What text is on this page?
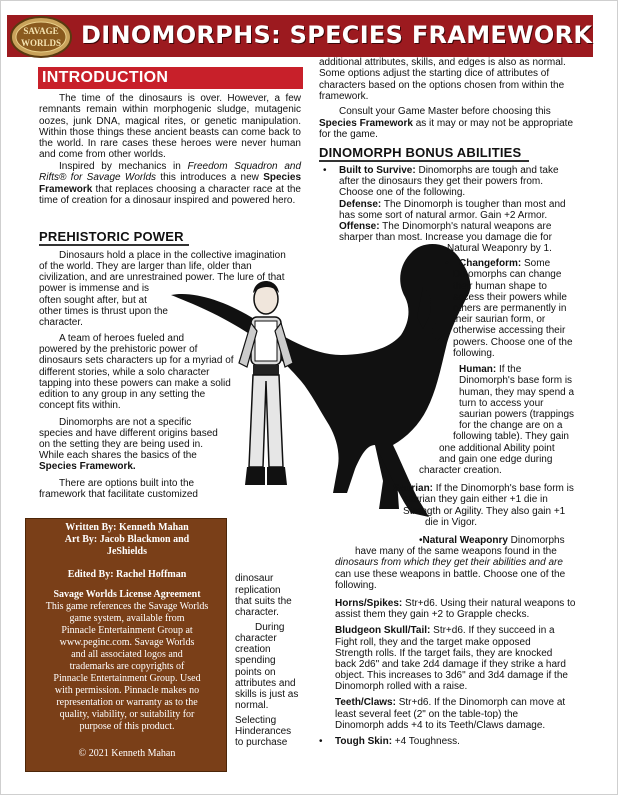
SAVAGE
WORLDS DINOMORPHS: SPECIES FRAMEWORK
INTRODUCTION

The time of the dinosaurs is over. However, a few remnants remain within morphogenic sludge, mutagenic oozes, junk DNA, magical rites, or genetic manipulation. Within those things these ancient beasts can come back to the world. In rare cases these heroes were never human and come from other worlds.

Inspired by mechanics in Freedom Squadron and Rifts® for Savage Worlds this introduces a new Species Framework that replaces choosing a character race at the time of creation for a dinosaur inspired and powered hero.

PREHISTORIC POWER
Dinosaurs hold a place in the collective imagination
of the world. They are larger than life, older than
civilization, and are unrestrained power. The lure of that
power is immense and is
often sought after, but at
other times is thrust upon the
character.
A team of heroes fueled and
powered by the prehistoric power of
dinosaurs sets characters up for a myriad of
different stories, while a solo character
tapping into these powers can make a solid
edition to any group in any setting the
concept fits within.
Dinomorphs are not a specific
species and have different origins based
on the setting they are being used in.
While each shares the basics of the
Species Framework.
There are options built into the
framework that facilitate customized
Written By: Kenneth Mahan
Art By: Jacob Blackmon and
JeShields
Edited By: Rachel Hoffman
Savage Worlds License Agreement
This game references the Savage Worlds
game system, available from
Pinnacle Entertainment Group at
www.peginc.com. Savage Worlds
and all associated logos and
trademarks are copyrights of
Pinnacle Entertainment Group. Used
with permission. Pinnacle makes no
representation or warranty as to the
quality, viability, or suitability for
purpose of this product.
© 2021 Kenneth Mahan
dinosaur
replication
that suits the
character.
During
character
creation
spending
points on
attributes and
skills is just as
normal.
Selecting
Hinderances
to purchase
additional attributes, skills, and edges is also as normal.
Some options adjust the starting dice of attributes of
characters based on the options chosen from within the
framework.
Consult your Game Master before choosing this
Species Framework as it may or may not be appropriate
for the game.
DINOMORPH BONUS ABILITIES
• Built to Survive: Dinomorphs are tough and take
after the dinosaurs they get their powers from.
Choose one of the following.
Defense: The Dinomorph is tougher than most and
has some sort of natural armor. Gain +2 Armor.
Offense: The Dinomorph's natural weapons are
sharper than most. Increase you damage die for
Natural Weaponry by 1.
• Changeform: Some
Dinomorphs can change
their human shape to
access their powers while
others are permanently in
their saurian form, or
otherwise accessing their
powers. Choose one of the
following.
Human: If the
Dinomorph's base form is
human, they may spend a
turn to access your
saurian powers (trappings
for the change are on a
following table). They gain
one additional Ability point
and gain one edge during
character creation.
Saurian: If the Dinomorph's base form is
saurian they gain either +1 die in
Strength or Agility. They also gain +1
die in Vigor.
•Natural Weaponry Dinomorphs
have many of the same weapons found in the
dinosaurs from which they get their abilities and are
can use these weapons in battle. Choose one of the
following.
Horns/Spikes: Str+d6. Using their natural weapons to
assist them they gain +2 to Grapple checks.
Bludgeon Skull/Tail: Str+d6. If they succeed in a
Fight roll, they and the target make opposed
Strength rolls. If the target fails, they are knocked
back 2d6" and take 2d4 damage if they strike a hard
object. This increases to 3d6" and 3d4 damage if the
Dinomorph rolled with a raise.
Teeth/Claws: Str+d6. If the Dinomorph can move at
least several feet (2" on the table-top) the
Dinomorph adds +4 to its Teeth/Claws damage.
• Tough Skin: +4 Toughness.
